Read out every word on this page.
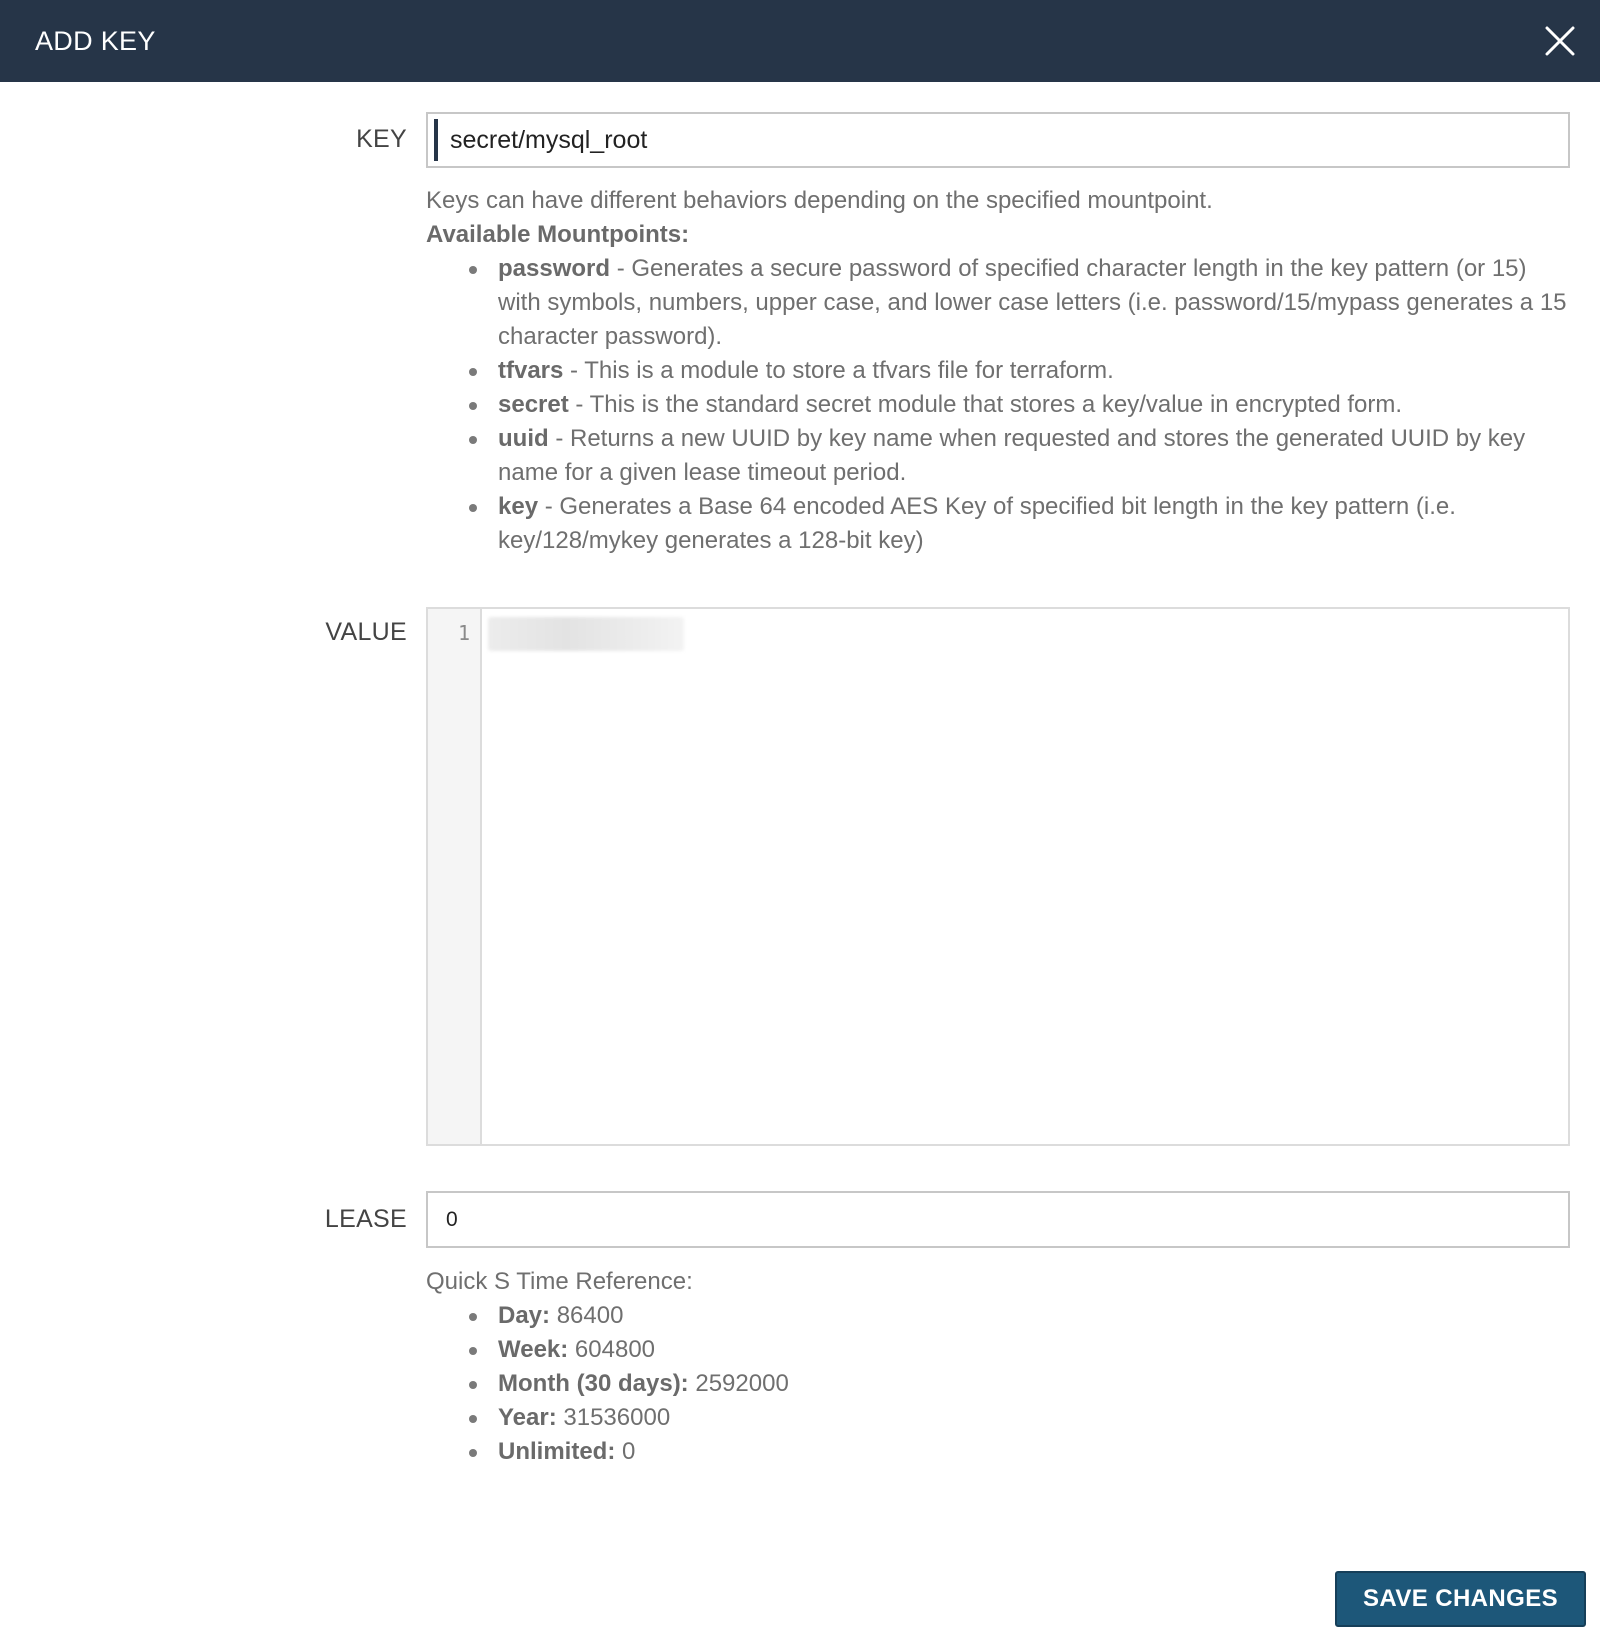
ADD KEY
KEY secret/mysql_root
Keys can have different behaviors depending on the specified mountpoint.
Available Mountpoints:
password - Generates a secure password of specified character length in the key pattern (or 15) with symbols, numbers, upper case, and lower case letters (i.e. password/15/mypass generates a 15 character password).
tfvars - This is a module to store a tfvars file for terraform.
secret - This is the standard secret module that stores a key/value in encrypted form.
uuid - Returns a new UUID by key name when requested and stores the generated UUID by key name for a given lease timeout period.
key - Generates a Base 64 encoded AES Key of specified bit length in the key pattern (i.e. key/128/mykey generates a 128-bit key)
VALUE	1
LEASE 0
Quick S Time Reference:
Day: 86400
Week: 604800
Month (30 days): 2592000
Year: 31536000
Unlimited: 0
SAVE CHANGES
